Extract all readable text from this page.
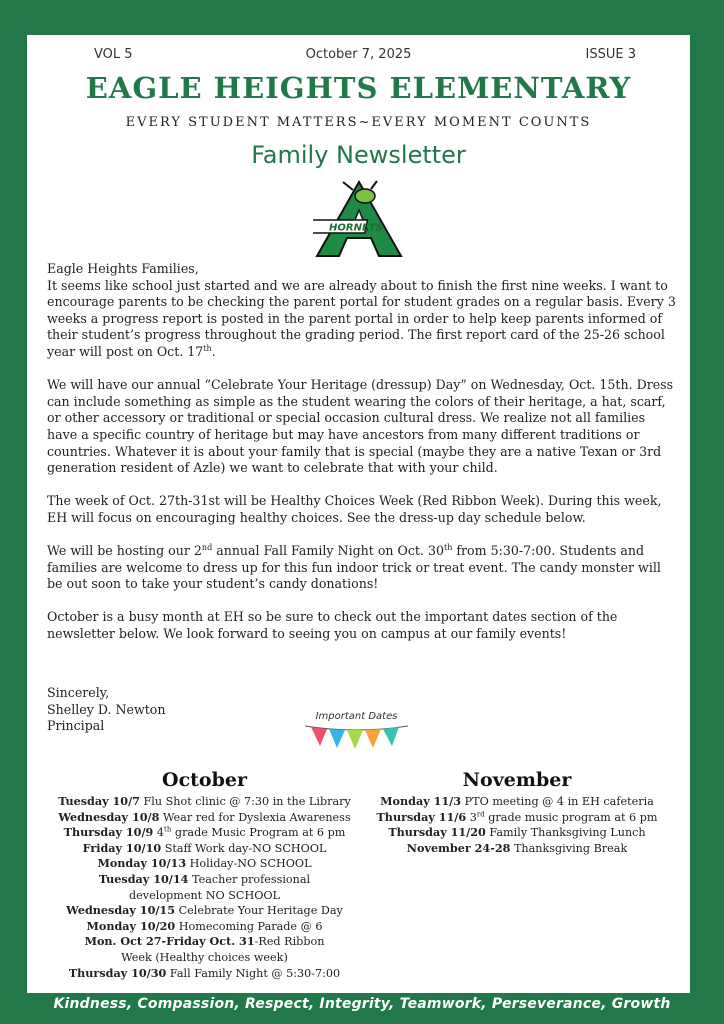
VOL 5	October 7, 2025	ISSUE 3
EAGLE HEIGHTS ELEMENTARY
EVERY STUDENT MATTERS~EVERY MOMENT COUNTS
Family Newsletter
HORNETS

Eagle Heights Families,

It seems like school just started and we are already about to finish the first nine weeks. I want to encourage parents to be checking the parent portal for student grades on a regular basis. Every 3 weeks a progress report is posted in the parent portal in order to help keep parents informed of their student’s progress throughout the grading period. The first report card of the 25-26 school year will post on Oct. 17th.

We will have our annual “Celebrate Your Heritage (dressup) Day” on Wednesday, Oct. 15th. Dress can include something as simple as the student wearing the colors of their heritage, a hat, scarf, or other accessory or traditional or special occasion cultural dress. We realize not all families have a specific country of heritage but may have ancestors from many different traditions or countries. Whatever it is about your family that is special (maybe they are a native Texan or 3rd generation resident of Azle) we want to celebrate that with your child.

The week of Oct. 27th-31st will be Healthy Choices Week (Red Ribbon Week). During this week, EH will focus on encouraging healthy choices. See the dress-up day schedule below.

We will be hosting our 2nd annual Fall Family Night on Oct. 30th from 5:30-7:00. Students and families are welcome to dress up for this fun indoor trick or treat event. The candy monster will be out soon to take your student’s candy donations!

October is a busy month at EH so be sure to check out the important dates section of the newsletter below. We look forward to seeing you on campus at our family events!

Sincerely,
Shelley D. Newton
Principal
Important Dates
October
Tuesday 10/7 Flu Shot clinic @ 7:30 in the Library
Wednesday 10/8 Wear red for Dyslexia Awareness
Thursday 10/9 4th grade Music Program at 6 pm
Friday 10/10 Staff Work day-NO SCHOOL
Monday 10/13 Holiday-NO SCHOOL
Tuesday 10/14 Teacher professional development NO SCHOOL
Wednesday 10/15 Celebrate Your Heritage Day
Monday 10/20 Homecoming Parade @ 6
Mon. Oct 27-Friday Oct. 31-Red Ribbon Week (Healthy choices week)
Thursday 10/30 Fall Family Night @ 5:30-7:00
November
Monday 11/3 PTO meeting @ 4 in EH cafeteria
Thursday 11/6 3rd grade music program at 6 pm
Thursday 11/20 Family Thanksgiving Lunch
November 24-28 Thanksgiving Break
Kindness, Compassion, Respect, Integrity, Teamwork, Perseverance, Growth
